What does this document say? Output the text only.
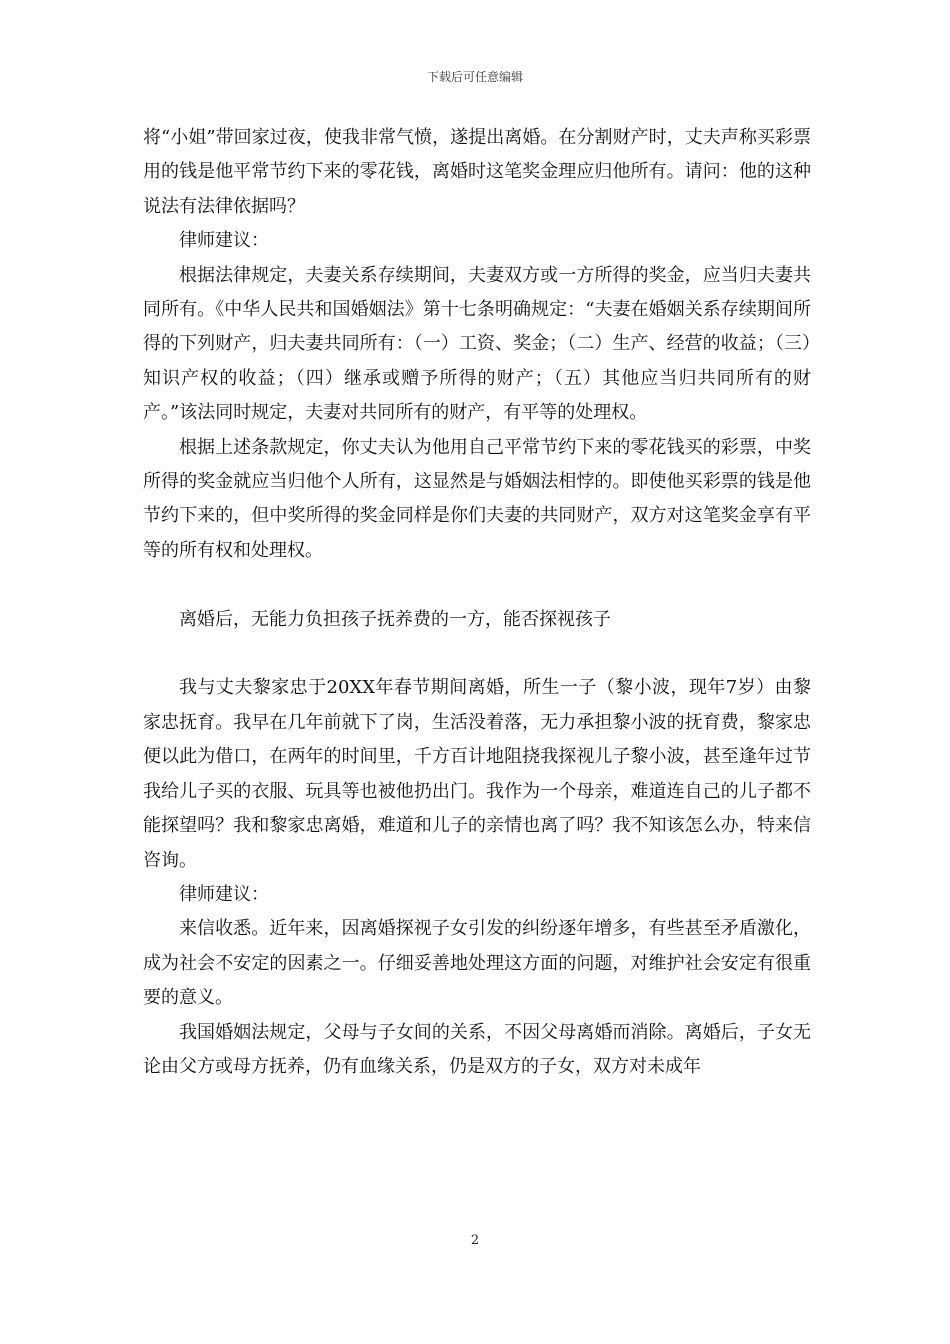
下载后可任意编辑

将“小姐”带回家过夜，使我非常气愤，遂提出离婚。在分割财产时，丈夫声称买彩票用的钱是他平常节约下来的零花钱，离婚时这笔奖金理应归他所有。请问：他的这种说法有法律依据吗？

律师建议：

根据法律规定，夫妻关系存续期间，夫妻双方或一方所得的奖金，应当归夫妻共同所有。《中华人民共和国婚姻法》第十七条明确规定：“夫妻在婚姻关系存续期间所得的下列财产，归夫妻共同所有：（一）工资、奖金；（二）生产、经营的收益；（三）知识产权的收益；（四）继承或赠予所得的财产；（五）其他应当归共同所有的财产。”该法同时规定，夫妻对共同所有的财产，有平等的处理权。

根据上述条款规定，你丈夫认为他用自己平常节约下来的零花钱买的彩票，中奖所得的奖金就应当归他个人所有，这显然是与婚姻法相悖的。即使他买彩票的钱是他节约下来的，但中奖所得的奖金同样是你们夫妻的共同财产，双方对这笔奖金享有平等的所有权和处理权。

离婚后，无能力负担孩子抚养费的一方，能否探视孩子

我与丈夫黎家忠于20XX年春节期间离婚，所生一子（黎小波，现年7岁）由黎家忠抚育。我早在几年前就下了岗，生活没着落，无力承担黎小波的抚育费，黎家忠便以此为借口，在两年的时间里，千方百计地阻挠我探视儿子黎小波，甚至逢年过节我给儿子买的衣服、玩具等也被他扔出门。我作为一个母亲，难道连自己的儿子都不能探望吗？我和黎家忠离婚，难道和儿子的亲情也离了吗？我不知该怎么办，特来信咨询。

律师建议：

来信收悉。近年来，因离婚探视子女引发的纠纷逐年增多，有些甚至矛盾激化，成为社会不安定的因素之一。仔细妥善地处理这方面的问题，对维护社会安定有很重要的意义。

我国婚姻法规定，父母与子女间的关系，不因父母离婚而消除。离婚后，子女无论由父方或母方抚养，仍有血缘关系，仍是双方的子女，双方对未成年

2
